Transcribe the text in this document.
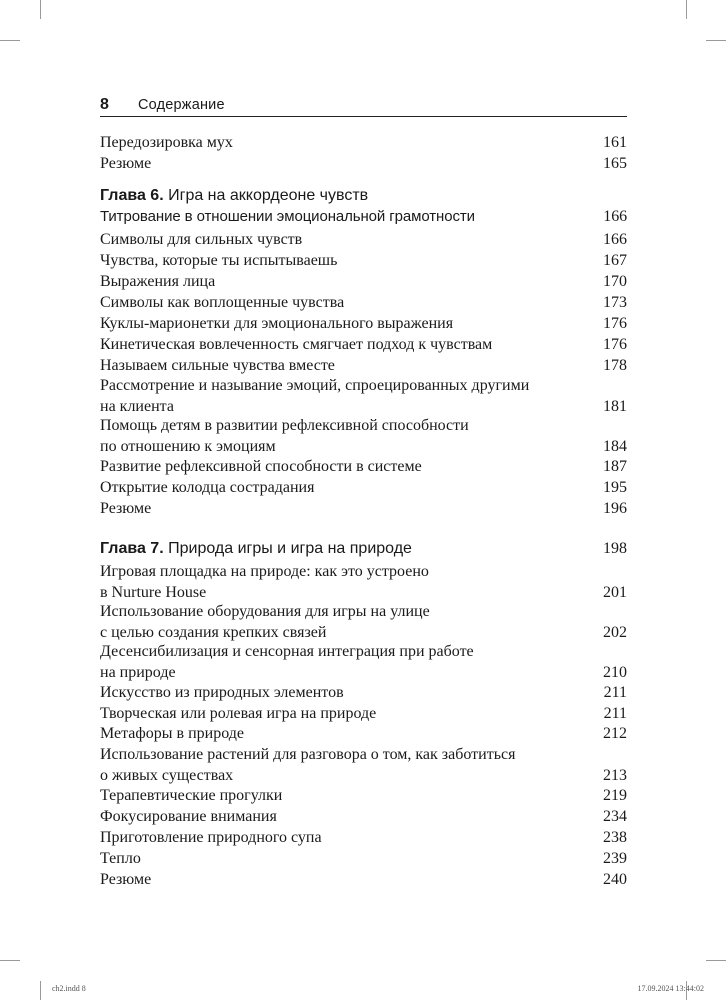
8 Содержание
Передозировка мух	161
Резюме	165
Глава 6. Игра на аккордеоне чувств
Титрование в отношении эмоциональной грамотности	166
Символы для сильных чувств	166
Чувства, которые ты испытываешь	167
Выражения лица	170
Символы как воплощенные чувства	173
Куклы-марионетки для эмоционального выражения	176
Кинетическая вовлеченность смягчает подход к чувствам	176
Называем сильные чувства вместе	178
Рассмотрение и называние эмоций, спроецированных другими
на клиента	181
Помощь детям в развитии рефлексивной способности
по отношению к эмоциям	184
Развитие рефлексивной способности в системе	187
Открытие колодца сострадания	195
Резюме	196
Глава 7. Природа игры и игра на природе	198
Игровая площадка на природе: как это устроено
в Nurture House	201
Использование оборудования для игры на улице
с целью создания крепких связей	202
Десенсибилизация и сенсорная интеграция при работе
на природе	210
Искусство из природных элементов	211
Творческая или ролевая игра на природе	211
Метафоры в природе	212
Использование растений для разговора о том, как заботиться
о живых существах	213
Терапевтические прогулки	219
Фокусирование внимания	234
Приготовление природного супа	238
Тепло	239
Резюме	240
ch2.indd 8	17.09.2024 13:44:02
